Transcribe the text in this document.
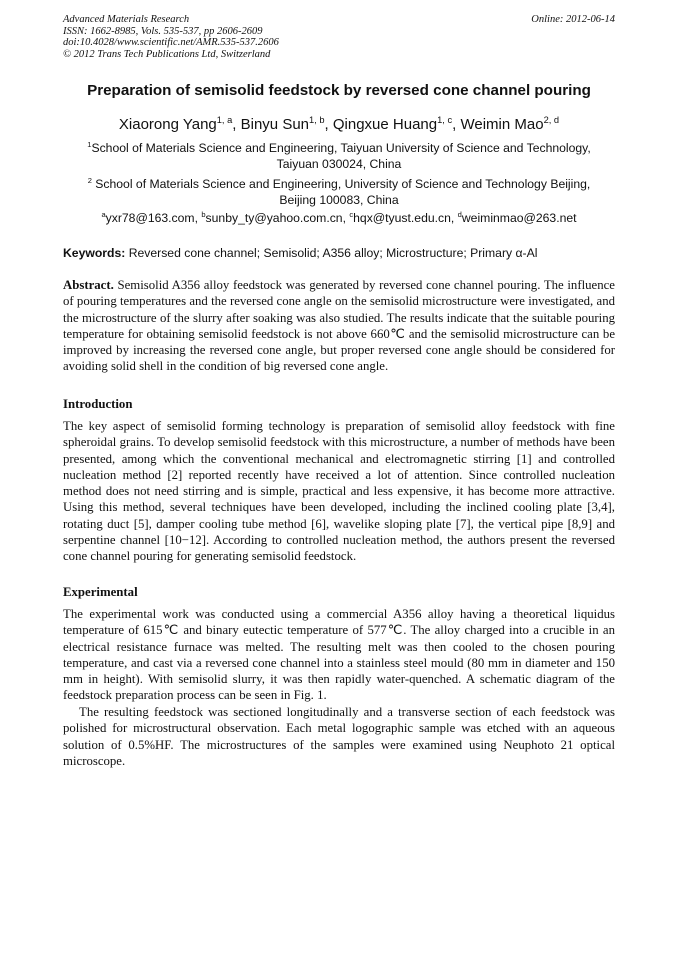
Advanced Materials Research
ISSN: 1662-8985, Vols. 535-537, pp 2606-2609
doi:10.4028/www.scientific.net/AMR.535-537.2606
© 2012 Trans Tech Publications Ltd, Switzerland
Online: 2012-06-14
Preparation of semisolid feedstock by reversed cone channel pouring
Xiaorong Yang$^{1, a}$, Binyu Sun$^{1, b}$, Qingxue Huang$^{1, c}$, Weimin Mao$^{2, d}$
$^1$School of Materials Science and Engineering, Taiyuan University of Science and Technology,
Taiyuan 030024, China
$^2$ School of Materials Science and Engineering, University of Science and Technology Beijing,
Beijing 100083, China
$^a$yxr78@163.com, $^b$sunby_ty@yahoo.com.cn, $^c$hqx@tyust.edu.cn, $^d$weiminmao@263.net
Keywords: Reversed cone channel; Semisolid; A356 alloy; Microstructure; Primary α-Al

Abstract. Semisolid A356 alloy feedstock was generated by reversed cone channel pouring. The influence of pouring temperatures and the reversed cone angle on the semisolid microstructure were investigated, and the microstructure of the slurry after soaking was also studied. The results indicate that the suitable pouring temperature for obtaining semisolid feedstock is not above 660℃ and the semisolid microstructure can be improved by increasing the reversed cone angle, but proper reversed cone angle should be considered for avoiding solid shell in the condition of big reversed cone angle.

Introduction

The key aspect of semisolid forming technology is preparation of semisolid alloy feedstock with fine spheroidal grains. To develop semisolid feedstock with this microstructure, a number of methods have been presented, among which the conventional mechanical and electromagnetic stirring [1] and controlled nucleation method [2] reported recently have received a lot of attention. Since controlled nucleation method does not need stirring and is simple, practical and less expensive, it has become more attractive. Using this method, several techniques have been developed, including the inclined cooling plate [3,4], rotating duct [5], damper cooling tube method [6], wavelike sloping plate [7], the vertical pipe [8,9] and serpentine channel [10−12]. According to controlled nucleation method, the authors present the reversed cone channel pouring for generating semisolid feedstock.

Experimental

The experimental work was conducted using a commercial A356 alloy having a theoretical liquidus temperature of 615℃ and binary eutectic temperature of 577℃. The alloy charged into a crucible in an electrical resistance furnace was melted. The resulting melt was then cooled to the chosen pouring temperature, and cast via a reversed cone channel into a stainless steel mould (80 mm in diameter and 150 mm in height). With semisolid slurry, it was then rapidly water-quenched. A schematic diagram of the feedstock preparation process can be seen in Fig. 1.

The resulting feedstock was sectioned longitudinally and a transverse section of each feedstock was polished for microstructural observation. Each metal logographic sample was etched with an aqueous solution of 0.5%HF. The microstructures of the samples were examined using Neuphoto 21 optical microscope.
